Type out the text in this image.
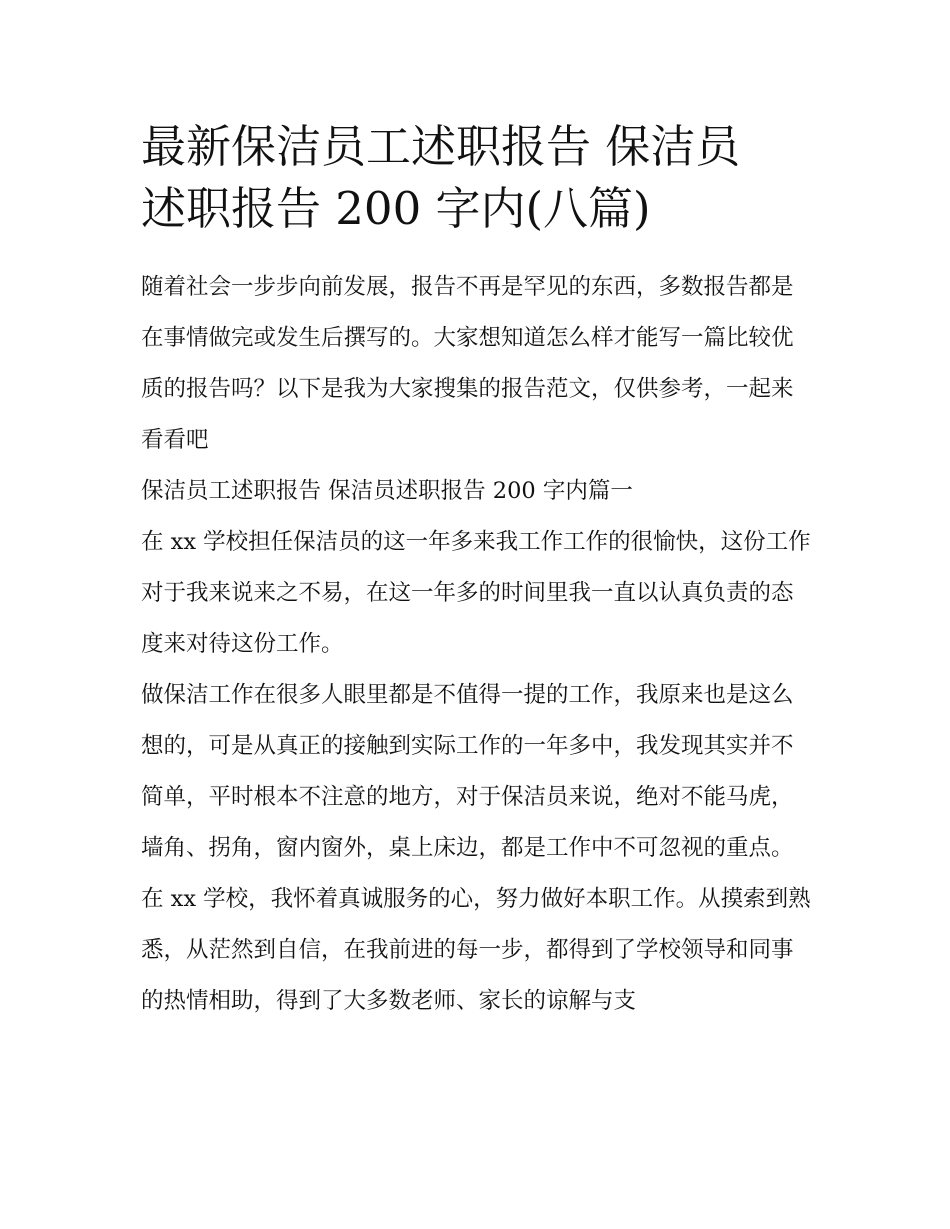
最新保洁员工述职报告 保洁员
述职报告 200 字内(八篇)

随着社会一步步向前发展，报告不再是罕见的东西，多数报告都是在事情做完或发生后撰写的。大家想知道怎么样才能写一篇比较优质的报告吗？以下是我为大家搜集的报告范文，仅供参考，一起来看看吧

保洁员工述职报告 保洁员述职报告 200 字内篇一

在 xx 学校担任保洁员的这一年多来我工作工作的很愉快，这份工作对于我来说来之不易，在这一年多的时间里我一直以认真负责的态度来对待这份工作。

做保洁工作在很多人眼里都是不值得一提的工作，我原来也是这么想的，可是从真正的接触到实际工作的一年多中，我发现其实并不简单，平时根本不注意的地方，对于保洁员来说，绝对不能马虎，墙角、拐角，窗内窗外，桌上床边，都是工作中不可忽视的重点。

在 xx 学校，我怀着真诚服务的心，努力做好本职工作。从摸索到熟悉，从茫然到自信，在我前进的每一步，都得到了学校领导和同事的热情相助，得到了大多数老师、家长的谅解与支
